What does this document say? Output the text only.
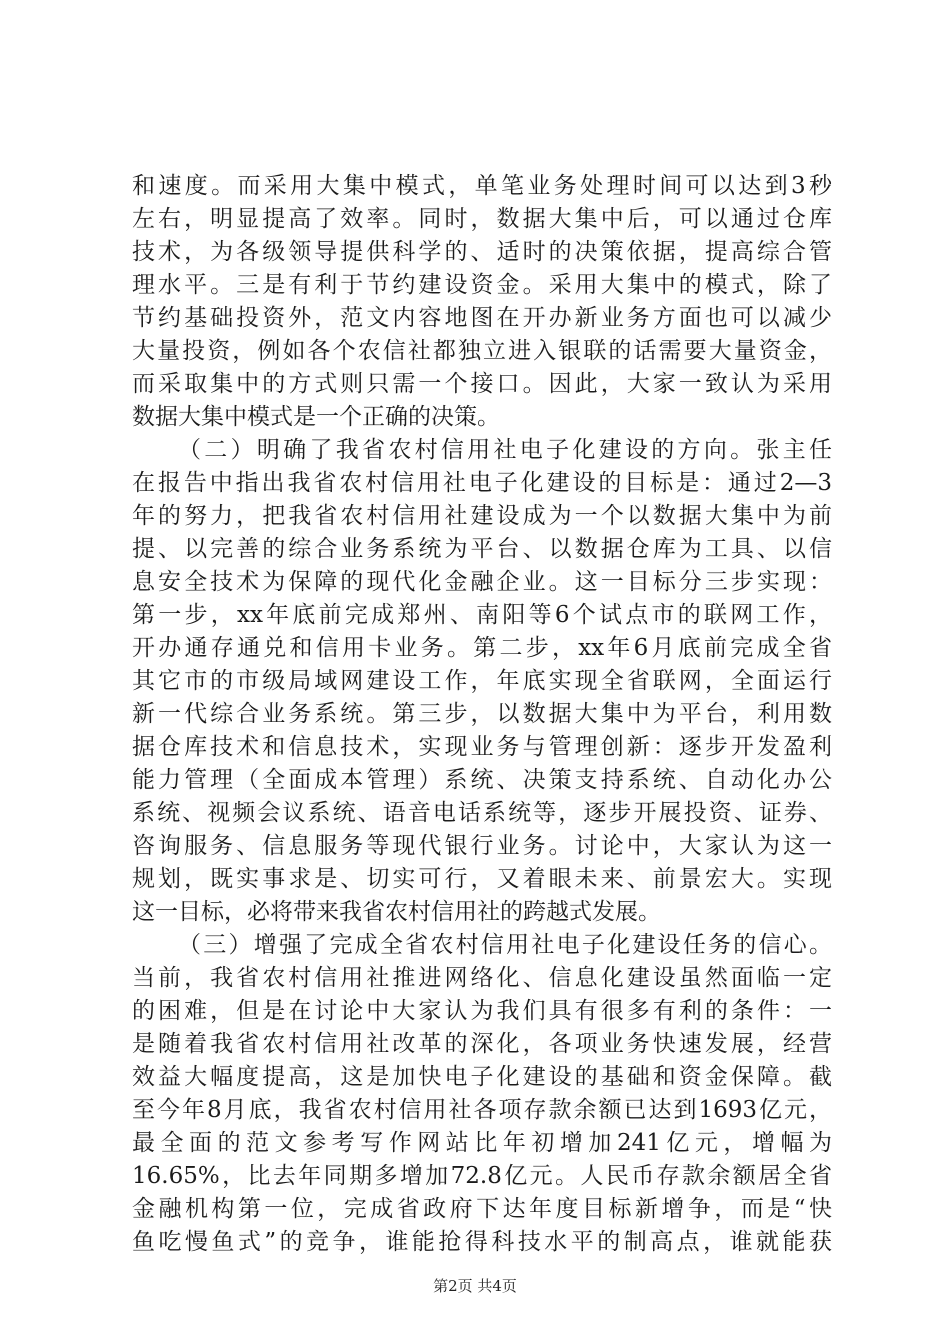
和速度。而采用大集中模式，单笔业务处理时间可以达到3秒
左右，明显提高了效率。同时，数据大集中后，可以通过仓库
技术，为各级领导提供科学的、适时的决策依据，提高综合管
理水平。三是有利于节约建设资金。采用大集中的模式，除了
节约基础投资外，范文内容地图在开办新业务方面也可以减少
大量投资，例如各个农信社都独立进入银联的话需要大量资金，
而采取集中的方式则只需一个接口。因此，大家一致认为采用
数据大集中模式是一个正确的决策。
（二）明确了我省农村信用社电子化建设的方向。张主任
在报告中指出我省农村信用社电子化建设的目标是：通过2—3
年的努力，把我省农村信用社建设成为一个以数据大集中为前
提、以完善的综合业务系统为平台、以数据仓库为工具、以信
息安全技术为保障的现代化金融企业。这一目标分三步实现：
第一步，xx年底前完成郑州、南阳等6个试点市的联网工作，
开办通存通兑和信用卡业务。第二步，xx年6月底前完成全省
其它市的市级局域网建设工作，年底实现全省联网，全面运行
新一代综合业务系统。第三步，以数据大集中为平台，利用数
据仓库技术和信息技术，实现业务与管理创新：逐步开发盈利
能力管理（全面成本管理）系统、决策支持系统、自动化办公
系统、视频会议系统、语音电话系统等，逐步开展投资、证券、
咨询服务、信息服务等现代银行业务。讨论中，大家认为这一
规划，既实事求是、切实可行，又着眼未来、前景宏大。实现
这一目标，必将带来我省农村信用社的跨越式发展。
（三）增强了完成全省农村信用社电子化建设任务的信心。
当前，我省农村信用社推进网络化、信息化建设虽然面临一定
的困难，但是在讨论中大家认为我们具有很多有利的条件：一
是随着我省农村信用社改革的深化，各项业务快速发展，经营
效益大幅度提高，这是加快电子化建设的基础和资金保障。截
至今年8月底，我省农村信用社各项存款余额已达到1693亿元，
最全面的范文参考写作网站比年初增加241亿元，增幅为
16.65%，比去年同期多增加72.8亿元。人民币存款余额居全省
金融机构第一位，完成省政府下达年度目标新增争，而是“快
鱼吃慢鱼式”的竞争，谁能抢得科技水平的制高点，谁就能获
第2页 共4页
